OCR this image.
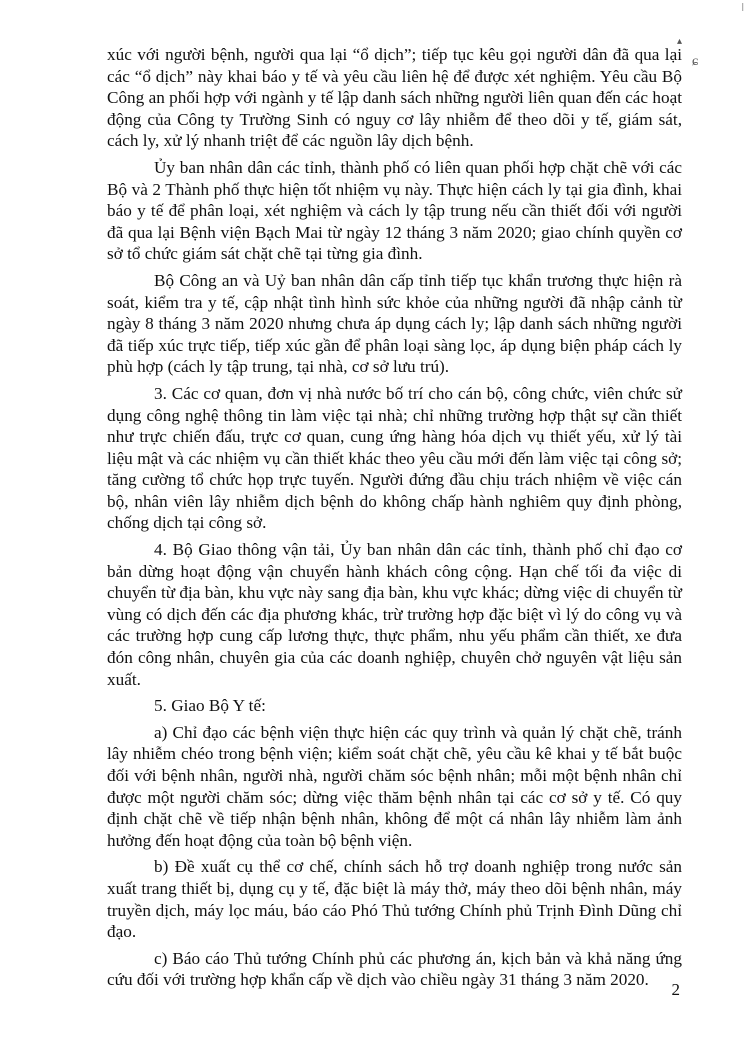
ǀ
▴
ɕ

xúc với người bệnh, người qua lại “ổ dịch”; tiếp tục kêu gọi người dân đã qua lại các “ổ dịch” này khai báo y tế và yêu cầu liên hệ để được xét nghiệm. Yêu cầu Bộ Công an phối hợp với ngành y tế lập danh sách những người liên quan đến các hoạt động của Công ty Trường Sinh có nguy cơ lây nhiễm để theo dõi y tế, giám sát, cách ly, xử lý nhanh triệt để các nguồn lây dịch bệnh.

Ủy ban nhân dân các tỉnh, thành phố có liên quan phối hợp chặt chẽ với các Bộ và 2 Thành phố thực hiện tốt nhiệm vụ này. Thực hiện cách ly tại gia đình, khai báo y tế để phân loại, xét nghiệm và cách ly tập trung nếu cần thiết đối với người đã qua lại Bệnh viện Bạch Mai từ ngày 12 tháng 3 năm 2020; giao chính quyền cơ sở tổ chức giám sát chặt chẽ tại từng gia đình.

Bộ Công an và Uỷ ban nhân dân cấp tỉnh tiếp tục khẩn trương thực hiện rà soát, kiểm tra y tế, cập nhật tình hình sức khỏe của những người đã nhập cảnh từ ngày 8 tháng 3 năm 2020 nhưng chưa áp dụng cách ly; lập danh sách những người đã tiếp xúc trực tiếp, tiếp xúc gần để phân loại sàng lọc, áp dụng biện pháp cách ly phù hợp (cách ly tập trung, tại nhà, cơ sở lưu trú).

3. Các cơ quan, đơn vị nhà nước bố trí cho cán bộ, công chức, viên chức sử dụng công nghệ thông tin làm việc tại nhà; chỉ những trường hợp thật sự cần thiết như trực chiến đấu, trực cơ quan, cung ứng hàng hóa dịch vụ thiết yếu, xử lý tài liệu mật và các nhiệm vụ cần thiết khác theo yêu cầu mới đến làm việc tại công sở; tăng cường tổ chức họp trực tuyến. Người đứng đầu chịu trách nhiệm về việc cán bộ, nhân viên lây nhiễm dịch bệnh do không chấp hành nghiêm quy định phòng, chống dịch tại công sở.

4. Bộ Giao thông vận tải, Ủy ban nhân dân các tỉnh, thành phố chỉ đạo cơ bản dừng hoạt động vận chuyển hành khách công cộng. Hạn chế tối đa việc di chuyển từ địa bàn, khu vực này sang địa bàn, khu vực khác; dừng việc di chuyển từ vùng có dịch đến các địa phương khác, trừ trường hợp đặc biệt vì lý do công vụ và các trường hợp cung cấp lương thực, thực phẩm, nhu yếu phẩm cần thiết, xe đưa đón công nhân, chuyên gia của các doanh nghiệp, chuyên chở nguyên vật liệu sản xuất.

5. Giao Bộ Y tế:

a) Chỉ đạo các bệnh viện thực hiện các quy trình và quản lý chặt chẽ, tránh lây nhiễm chéo trong bệnh viện; kiểm soát chặt chẽ, yêu cầu kê khai y tế bắt buộc đối với bệnh nhân, người nhà, người chăm sóc bệnh nhân; mỗi một bệnh nhân chỉ được một người chăm sóc; dừng việc thăm bệnh nhân tại các cơ sở y tế. Có quy định chặt chẽ về tiếp nhận bệnh nhân, không để một cá nhân lây nhiễm làm ảnh hưởng đến hoạt động của toàn bộ bệnh viện.

b) Đề xuất cụ thể cơ chế, chính sách hỗ trợ doanh nghiệp trong nước sản xuất trang thiết bị, dụng cụ y tế, đặc biệt là máy thở, máy theo dõi bệnh nhân, máy truyền dịch, máy lọc máu, báo cáo Phó Thủ tướng Chính phủ Trịnh Đình Dũng chỉ đạo.

c) Báo cáo Thủ tướng Chính phủ các phương án, kịch bản và khả năng ứng cứu đối với trường hợp khẩn cấp về dịch vào chiều ngày 31 tháng 3 năm 2020.

2
